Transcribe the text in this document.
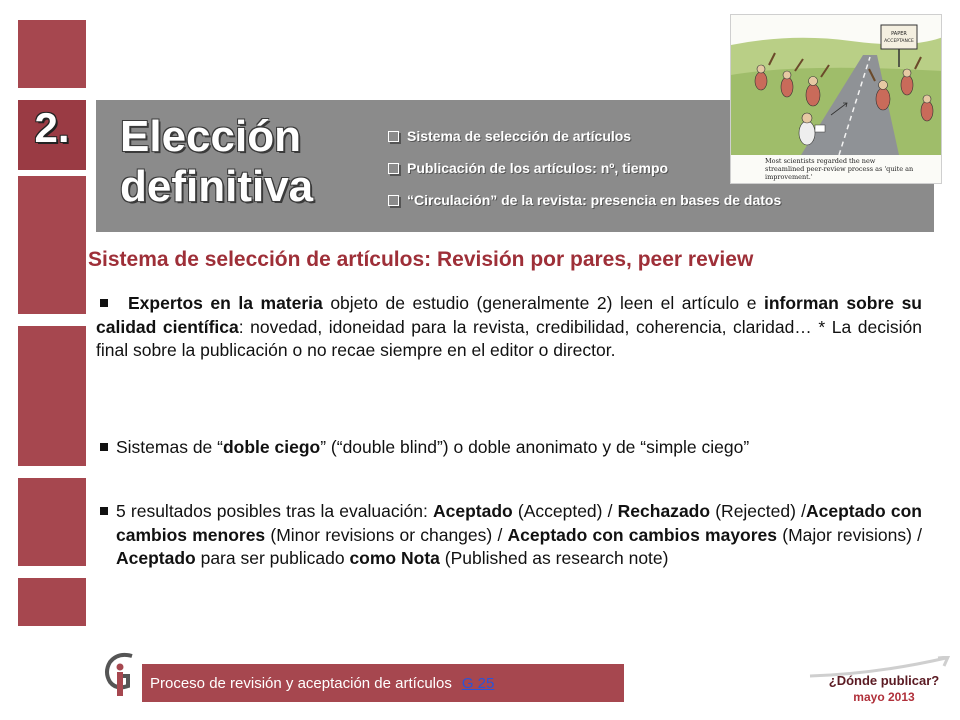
2.	Elección
definitiva
Sistema de selección de artículos
Publicación de los artículos: nº, tiempo
“Circulación” de la revista: presencia en bases de datos
PAPER
ACCEPTANCE
Most scientists regarded the new streamlined peer-review process as 'quite an improvement.'
Sistema de selección de artículos: Revisión por pares, peer review
Expertos en la materia objeto de estudio (generalmente 2) leen el artículo e informan sobre su calidad científica: novedad, idoneidad para la revista, credibilidad, coherencia, claridad… * La decisión final sobre la publicación o no recae siempre en el editor o director.
Sistemas de “doble ciego” (“double blind”) o doble anonimato y de “simple ciego”
5 resultados posibles tras la evaluación: Aceptado (Accepted) / Rechazado (Rejected) /Aceptado con cambios menores (Minor revisions or changes) / Aceptado con cambios mayores (Major revisions) / Aceptado para ser publicado como Nota (Published as research note)
Proceso de revisión y aceptación de artículos G 25	¿Dónde publicar?
mayo 2013
